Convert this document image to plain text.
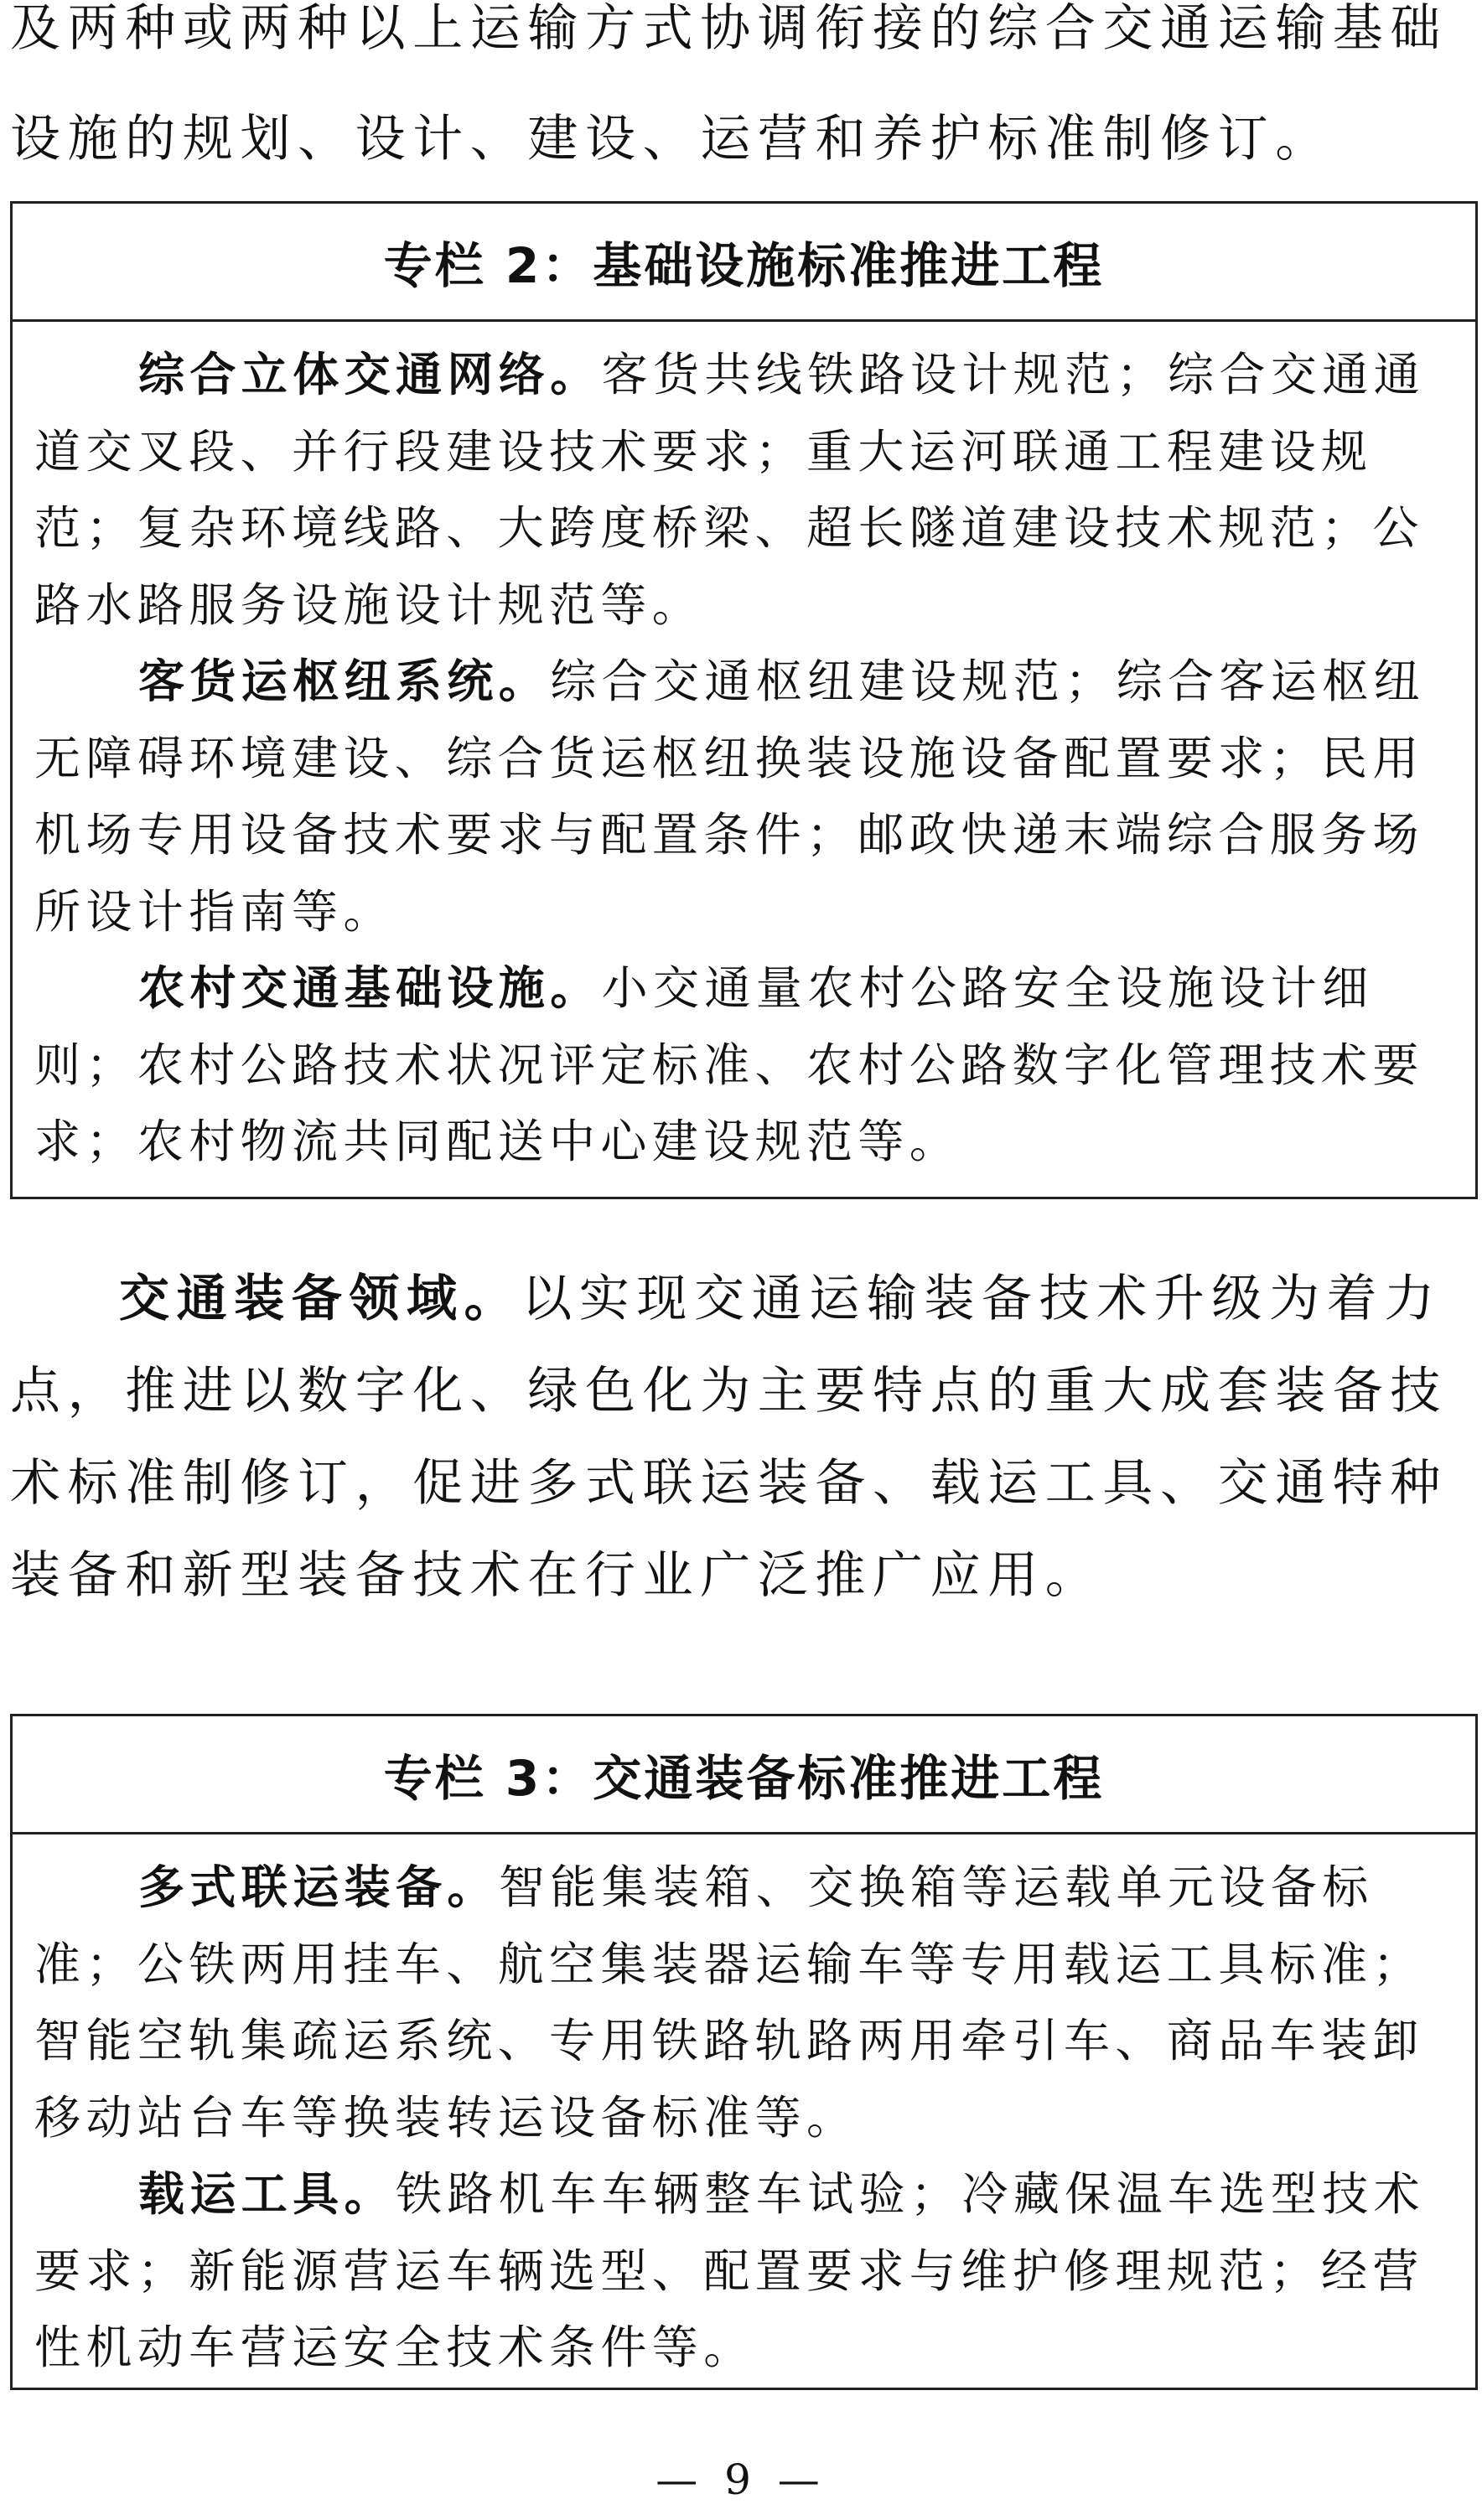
及两种或两种以上运输方式协调衔接的综合交通运输基础设施的规划、设计、建设、运营和养护标准制修订。

专栏 2：基础设施标准推进工程

综合立体交通网络。客货共线铁路设计规范；综合交通通道交叉段、并行段建设技术要求；重大运河联通工程建设规范；复杂环境线路、大跨度桥梁、超长隧道建设技术规范；公路水路服务设施设计规范等。

客货运枢纽系统。综合交通枢纽建设规范；综合客运枢纽无障碍环境建设、综合货运枢纽换装设施设备配置要求；民用机场专用设备技术要求与配置条件；邮政快递末端综合服务场所设计指南等。

农村交通基础设施。小交通量农村公路安全设施设计细则；农村公路技术状况评定标准、农村公路数字化管理技术要求；农村物流共同配送中心建设规范等。

交通装备领域。以实现交通运输装备技术升级为着力点，推进以数字化、绿色化为主要特点的重大成套装备技术标准制修订，促进多式联运装备、载运工具、交通特种装备和新型装备技术在行业广泛推广应用。

专栏 3：交通装备标准推进工程

多式联运装备。智能集装箱、交换箱等运载单元设备标准；公铁两用挂车、航空集装器运输车等专用载运工具标准；智能空轨集疏运系统、专用铁路轨路两用牵引车、商品车装卸移动站台车等换装转运设备标准等。

载运工具。铁路机车车辆整车试验；冷藏保温车选型技术要求；新能源营运车辆选型、配置要求与维护修理规范；经营性机动车营运安全技术条件等。

— 9 —
